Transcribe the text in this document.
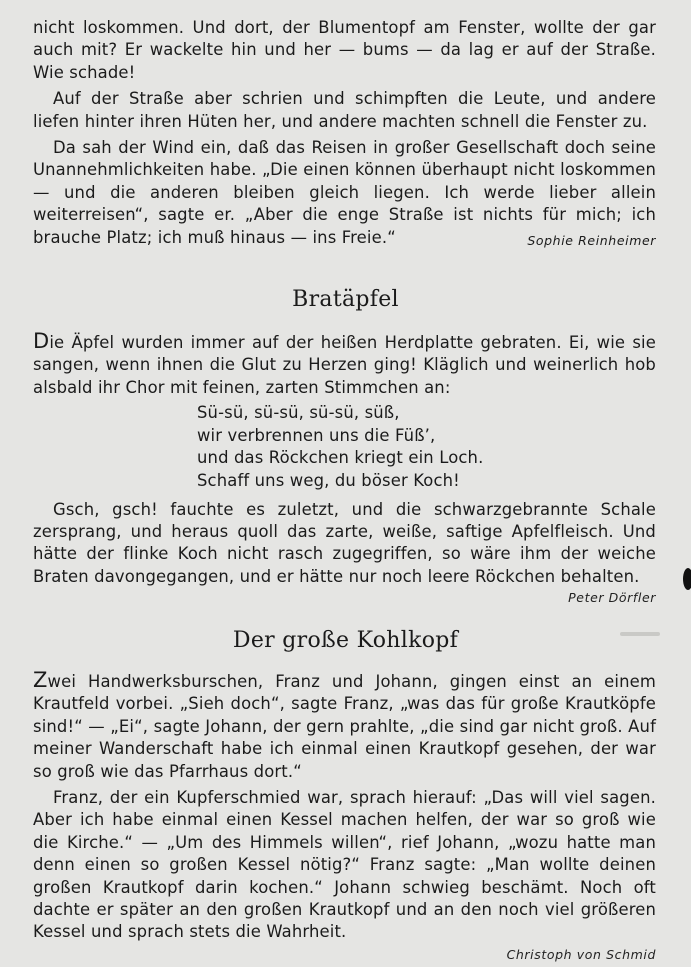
nicht loskommen. Und dort, der Blumentopf am Fenster, wollte der gar auch mit? Er wackelte hin und her — bums — da lag er auf der Straße. Wie schade!

Auf der Straße aber schrien und schimpften die Leute, und andere liefen hinter ihren Hüten her, und andere machten schnell die Fenster zu.

Da sah der Wind ein, daß das Reisen in großer Gesellschaft doch seine Unannehmlichkeiten habe. „Die einen können überhaupt nicht loskommen — und die anderen bleiben gleich liegen. Ich werde lieber allein weiterreisen“, sagte er. „Aber die enge Straße ist nichts für mich; ich brauche Platz; ich muß hinaus — ins Freie.“	Sophie Reinheimer

Bratäpfel

Die Äpfel wurden immer auf der heißen Herdplatte gebraten. Ei, wie sie sangen, wenn ihnen die Glut zu Herzen ging! Kläglich und weinerlich hob alsbald ihr Chor mit feinen, zarten Stimmchen an:

Sü-sü, sü-sü, sü-sü, süß,
wir verbrennen uns die Füß’,
und das Röckchen kriegt ein Loch.
Schaff uns weg, du böser Koch!

Gsch, gsch! fauchte es zuletzt, und die schwarzgebrannte Schale zersprang, und heraus quoll das zarte, weiße, saftige Apfelfleisch. Und hätte der flinke Koch nicht rasch zugegriffen, so wäre ihm der weiche Braten davongegangen, und er hätte nur noch leere Röckchen behalten.

Peter Dörfler
Der große Kohlkopf

Zwei Handwerksburschen, Franz und Johann, gingen einst an einem Krautfeld vorbei. „Sieh doch“, sagte Franz, „was das für große Krautköpfe sind!“ — „Ei“, sagte Johann, der gern prahlte, „die sind gar nicht groß. Auf meiner Wanderschaft habe ich einmal einen Krautkopf gesehen, der war so groß wie das Pfarrhaus dort.“

Franz, der ein Kupferschmied war, sprach hierauf: „Das will viel sagen. Aber ich habe einmal einen Kessel machen helfen, der war so groß wie die Kirche.“ — „Um des Himmels willen“, rief Johann, „wozu hatte man denn einen so großen Kessel nötig?“ Franz sagte: „Man wollte deinen großen Krautkopf darin kochen.“ Johann schwieg beschämt. Noch oft dachte er später an den großen Krautkopf und an den noch viel größeren Kessel und sprach stets die Wahrheit.

Christoph von Schmid
